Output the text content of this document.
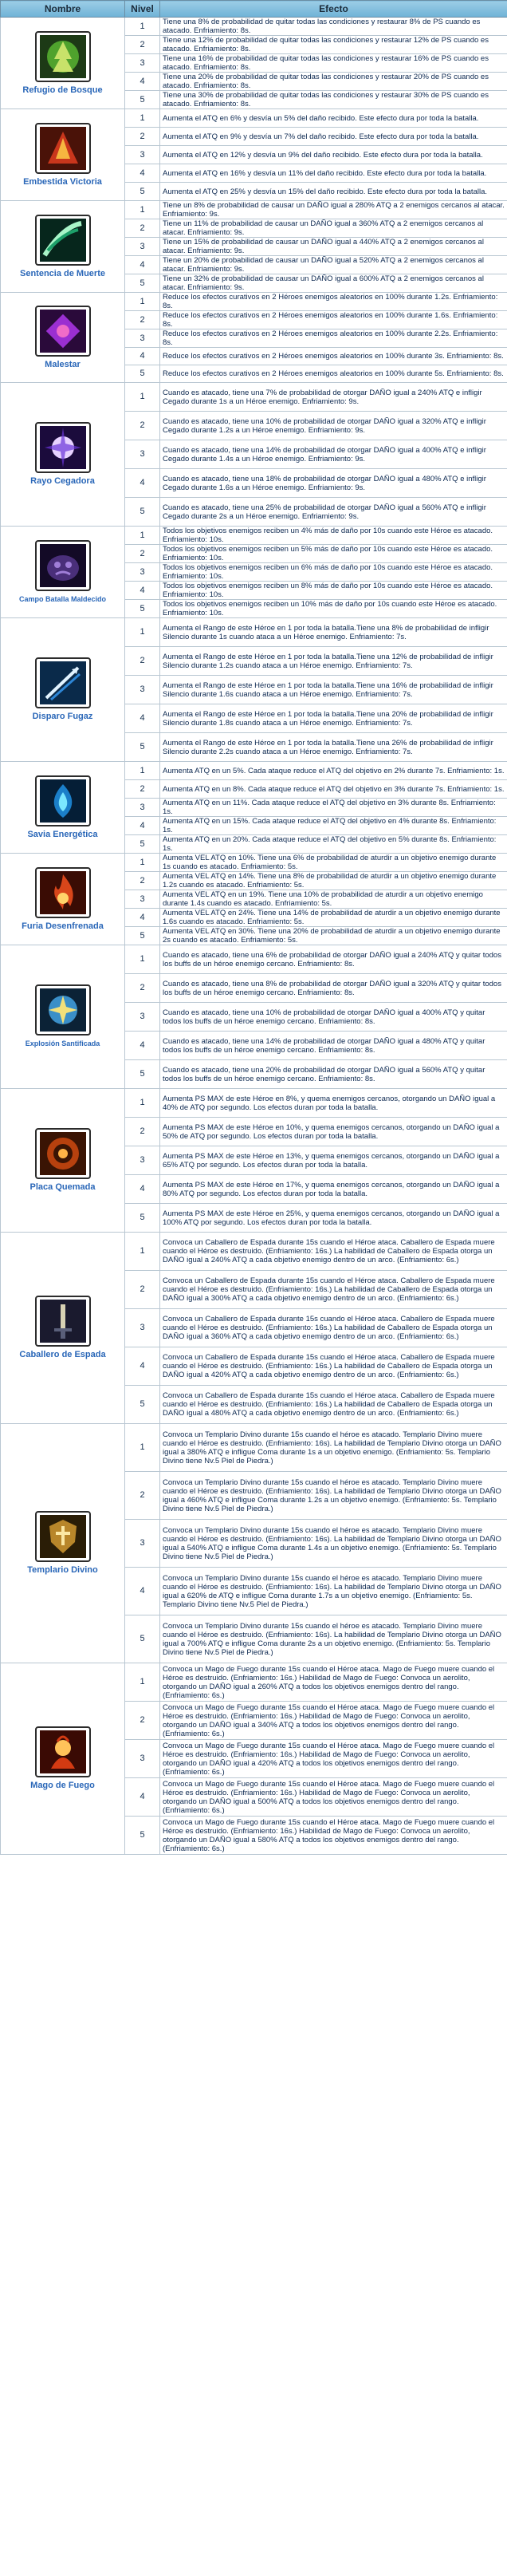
Nombre	Nivel	Efecto

Refugio de Bosque	1	Tiene una 8% de probabilidad de quitar todas las condiciones y restaurar 8% de PS cuando es atacado. Enfriamiento: 8s.
	2	Tiene una 12% de probabilidad de quitar todas las condiciones y restaurar 12% de PS cuando es atacado. Enfriamiento: 8s.
	3	Tiene una 16% de probabilidad de quitar todas las condiciones y restaurar 16% de PS cuando es atacado. Enfriamiento: 8s.
	4	Tiene una 20% de probabilidad de quitar todas las condiciones y restaurar 20% de PS cuando es atacado. Enfriamiento: 8s.
	5	Tiene una 30% de probabilidad de quitar todas las condiciones y restaurar 30% de PS cuando es atacado. Enfriamiento: 8s.

Embestida Victoria	1	Aumenta el ATQ en 6% y desvía un 5% del daño recibido. Este efecto dura por toda la batalla.
	2	Aumenta el ATQ en 9% y desvía un 7% del daño recibido. Este efecto dura por toda la batalla.
	3	Aumenta el ATQ en 12% y desvía un 9% del daño recibido. Este efecto dura por toda la batalla.
	4	Aumenta el ATQ en 16% y desvía un 11% del daño recibido. Este efecto dura por toda la batalla.
	5	Aumenta el ATQ en 25% y desvía un 15% del daño recibido. Este efecto dura por toda la batalla.

Sentencia de Muerte	1	Tiene un 8% de probabilidad de causar un DAÑO igual a 280% ATQ a 2 enemigos cercanos al atacar. Enfriamiento: 9s.
	2	Tiene un 11% de probabilidad de causar un DAÑO igual a 360% ATQ a 2 enemigos cercanos al atacar. Enfriamiento: 9s.
	3	Tiene un 15% de probabilidad de causar un DAÑO igual a 440% ATQ a 2 enemigos cercanos al atacar. Enfriamiento: 9s.
	4	Tiene un 20% de probabilidad de causar un DAÑO igual a 520% ATQ a 2 enemigos cercanos al atacar. Enfriamiento: 9s.
	5	Tiene un 32% de probabilidad de causar un DAÑO igual a 600% ATQ a 2 enemigos cercanos al atacar. Enfriamiento: 9s.

Malestar	1	Reduce los efectos curativos en 2 Héroes enemigos aleatorios en 100% durante 1.2s. Enfriamiento: 8s.
	2	Reduce los efectos curativos en 2 Héroes enemigos aleatorios en 100% durante 1.6s. Enfriamiento: 8s.
	3	Reduce los efectos curativos en 2 Héroes enemigos aleatorios en 100% durante 2.2s. Enfriamiento: 8s.
	4	Reduce los efectos curativos en 2 Héroes enemigos aleatorios en 100% durante 3s. Enfriamiento: 8s.
	5	Reduce los efectos curativos en 2 Héroes enemigos aleatorios en 100% durante 5s. Enfriamiento: 8s.

Rayo Cegadora	1	Cuando es atacado, tiene una 7% de probabilidad de otorgar DAÑO igual a 240% ATQ e infligir Cegado durante 1s a un Héroe enemigo. Enfriamiento: 9s.
	2	Cuando es atacado, tiene una 10% de probabilidad de otorgar DAÑO igual a 320% ATQ e infligir Cegado durante 1.2s a un Héroe enemigo. Enfriamiento: 9s.
	3	Cuando es atacado, tiene una 14% de probabilidad de otorgar DAÑO igual a 400% ATQ e infligir Cegado durante 1.4s a un Héroe enemigo. Enfriamiento: 9s.
	4	Cuando es atacado, tiene una 18% de probabilidad de otorgar DAÑO igual a 480% ATQ e infligir Cegado durante 1.6s a un Héroe enemigo. Enfriamiento: 9s.
	5	Cuando es atacado, tiene una 25% de probabilidad de otorgar DAÑO igual a 560% ATQ e infligir Cegado durante 2s a un Héroe enemigo. Enfriamiento: 9s.

Campo Batalla Maldecido	1	Todos los objetivos enemigos reciben un 4% más de daño por 10s cuando este Héroe es atacado. Enfriamiento: 10s.
	2	Todos los objetivos enemigos reciben un 5% más de daño por 10s cuando este Héroe es atacado. Enfriamiento: 10s.
	3	Todos los objetivos enemigos reciben un 6% más de daño por 10s cuando este Héroe es atacado. Enfriamiento: 10s.
	4	Todos los objetivos enemigos reciben un 8% más de daño por 10s cuando este Héroe es atacado. Enfriamiento: 10s.
	5	Todos los objetivos enemigos reciben un 10% más de daño por 10s cuando este Héroe es atacado. Enfriamiento: 10s.

Disparo Fugaz	1	Aumenta el Rango de este Héroe en 1 por toda la batalla.Tiene una 8% de probabilidad de infligir Silencio durante 1s cuando ataca a un Héroe enemigo. Enfriamiento: 7s.
	2	Aumenta el Rango de este Héroe en 1 por toda la batalla.Tiene una 12% de probabilidad de infligir Silencio durante 1.2s cuando ataca a un Héroe enemigo. Enfriamiento: 7s.
	3	Aumenta el Rango de este Héroe en 1 por toda la batalla.Tiene una 16% de probabilidad de infligir Silencio durante 1.6s cuando ataca a un Héroe enemigo. Enfriamiento: 7s.
	4	Aumenta el Rango de este Héroe en 1 por toda la batalla.Tiene una 20% de probabilidad de infligir Silencio durante 1.8s cuando ataca a un Héroe enemigo. Enfriamiento: 7s.
	5	Aumenta el Rango de este Héroe en 1 por toda la batalla.Tiene una 26% de probabilidad de infligir Silencio durante 2.2s cuando ataca a un Héroe enemigo. Enfriamiento: 7s.

Savia Energética	1	Aumenta ATQ en un 5%. Cada ataque reduce el ATQ del objetivo en 2% durante 7s. Enfriamiento: 1s.
	2	Aumenta ATQ en un 8%. Cada ataque reduce el ATQ del objetivo en 3% durante 7s. Enfriamiento: 1s.
	3	Aumenta ATQ en un 11%. Cada ataque reduce el ATQ del objetivo en 3% durante 8s. Enfriamiento: 1s.
	4	Aumenta ATQ en un 15%. Cada ataque reduce el ATQ del objetivo en 4% durante 8s. Enfriamiento: 1s.
	5	Aumenta ATQ en un 20%. Cada ataque reduce el ATQ del objetivo en 5% durante 8s. Enfriamiento: 1s.

Furia Desenfrenada	1	Aumenta VEL ATQ en 10%. Tiene una 6% de probabilidad de aturdir a un objetivo enemigo durante 1s cuando es atacado. Enfriamiento: 5s.
	2	Aumenta VEL ATQ en 14%. Tiene una 8% de probabilidad de aturdir a un objetivo enemigo durante 1.2s cuando es atacado. Enfriamiento: 5s.
	3	Aumenta VEL ATQ en un 19%. Tiene una 10% de probabilidad de aturdir a un objetivo enemigo durante 1.4s cuando es atacado. Enfriamiento: 5s.
	4	Aumenta VEL ATQ en 24%. Tiene una 14% de probabilidad de aturdir a un objetivo enemigo durante 1.6s cuando es atacado. Enfriamiento: 5s.
	5	Aumenta VEL ATQ en 30%. Tiene una 20% de probabilidad de aturdir a un objetivo enemigo durante 2s cuando es atacado. Enfriamiento: 5s.

Explosión Santificada	1	Cuando es atacado, tiene una 6% de probabilidad de otorgar DAÑO igual a 240% ATQ y quitar todos los buffs de un héroe enemigo cercano. Enfriamiento: 8s.
	2	Cuando es atacado, tiene una 8% de probabilidad de otorgar DAÑO igual a 320% ATQ y quitar todos los buffs de un héroe enemigo cercano. Enfriamiento: 8s.
	3	Cuando es atacado, tiene una 10% de probabilidad de otorgar DAÑO igual a 400% ATQ y quitar todos los buffs de un héroe enemigo cercano. Enfriamiento: 8s.
	4	Cuando es atacado, tiene una 14% de probabilidad de otorgar DAÑO igual a 480% ATQ y quitar todos los buffs de un héroe enemigo cercano. Enfriamiento: 8s.
	5	Cuando es atacado, tiene una 20% de probabilidad de otorgar DAÑO igual a 560% ATQ y quitar todos los buffs de un héroe enemigo cercano. Enfriamiento: 8s.

Placa Quemada	1	Aumenta PS MAX de este Héroe en 8%, y quema enemigos cercanos, otorgando un DAÑO igual a 40% de ATQ por segundo. Los efectos duran por toda la batalla.
	2	Aumenta PS MAX de este Héroe en 10%, y quema enemigos cercanos, otorgando un DAÑO igual a 50% de ATQ por segundo. Los efectos duran por toda la batalla.
	3	Aumenta PS MAX de este Héroe en 13%, y quema enemigos cercanos, otorgando un DAÑO igual a 65% ATQ por segundo. Los efectos duran por toda la batalla.
	4	Aumenta PS MAX de este Héroe en 17%, y quema enemigos cercanos, otorgando un DAÑO igual a 80% ATQ por segundo. Los efectos duran por toda la batalla.
	5	Aumenta PS MAX de este Héroe en 25%, y quema enemigos cercanos, otorgando un DAÑO igual a 100% ATQ por segundo. Los efectos duran por toda la batalla.

Caballero de Espada	1	Convoca un Caballero de Espada durante 15s cuando el Héroe ataca. Caballero de Espada muere cuando el Héroe es destruido. (Enfriamiento: 16s.) La habilidad de Caballero de Espada otorga un DAÑO igual a 240% ATQ a cada objetivo enemigo dentro de un arco. (Enfriamiento: 6s.)
	2	Convoca un Caballero de Espada durante 15s cuando el Héroe ataca. Caballero de Espada muere cuando el Héroe es destruido. (Enfriamiento: 16s.) La habilidad de Caballero de Espada otorga un DAÑO igual a 300% ATQ a cada objetivo enemigo dentro de un arco. (Enfriamiento: 6s.)
	3	Convoca un Caballero de Espada durante 15s cuando el Héroe ataca. Caballero de Espada muere cuando el Héroe es destruido. (Enfriamiento: 16s.) La habilidad de Caballero de Espada otorga un DAÑO igual a 360% ATQ a cada objetivo enemigo dentro de un arco. (Enfriamiento: 6s.)
	4	Convoca un Caballero de Espada durante 15s cuando el Héroe ataca. Caballero de Espada muere cuando el Héroe es destruido. (Enfriamiento: 16s.) La habilidad de Caballero de Espada otorga un DAÑO igual a 420% ATQ a cada objetivo enemigo dentro de un arco. (Enfriamiento: 6s.)
	5	Convoca un Caballero de Espada durante 15s cuando el Héroe ataca. Caballero de Espada muere cuando el Héroe es destruido. (Enfriamiento: 16s.) La habilidad de Caballero de Espada otorga un DAÑO igual a 480% ATQ a cada objetivo enemigo dentro de un arco. (Enfriamiento: 6s.)

Templario Divino	1	Convoca un Templario Divino durante 15s cuando el héroe es atacado. Templario Divino muere cuando el Héroe es destruido. (Enfriamiento: 16s). La habilidad de Templario Divino otorga un DAÑO igual a 380% ATQ e infligue Coma durante 1s a un objetivo enemigo. (Enfriamiento: 5s. Templario Divino tiene Nv.5 Piel de Piedra.)
	2	Convoca un Templario Divino durante 15s cuando el héroe es atacado. Templario Divino muere cuando el Héroe es destruido. (Enfriamiento: 16s). La habilidad de Templario Divino otorga un DAÑO igual a 460% ATQ e infligue Coma durante 1.2s a un objetivo enemigo. (Enfriamiento: 5s. Templario Divino tiene Nv.5 Piel de Piedra.)
	3	Convoca un Templario Divino durante 15s cuando el héroe es atacado. Templario Divino muere cuando el Héroe es destruido. (Enfriamiento: 16s). La habilidad de Templario Divino otorga un DAÑO igual a 540% ATQ e infligue Coma durante 1.4s a un objetivo enemigo. (Enfriamiento: 5s. Templario Divino tiene Nv.5 Piel de Piedra.)
	4	Convoca un Templario Divino durante 15s cuando el héroe es atacado. Templario Divino muere cuando el Héroe es destruido. (Enfriamiento: 16s). La habilidad de Templario Divino otorga un DAÑO igual a 620% de ATQ e infligue Coma durante 1.7s a un objetivo enemigo. (Enfriamiento: 5s. Templario Divino tiene Nv.5 Piel de Piedra.)
	5	Convoca un Templario Divino durante 15s cuando el héroe es atacado. Templario Divino muere cuando el Héroe es destruido. (Enfriamiento: 16s). La habilidad de Templario Divino otorga un DAÑO igual a 700% ATQ e infligue Coma durante 2s a un objetivo enemigo. (Enfriamiento: 5s. Templario Divino tiene Nv.5 Piel de Piedra.)

Mago de Fuego	1	Convoca un Mago de Fuego durante 15s cuando el Héroe ataca. Mago de Fuego muere cuando el Héroe es destruido. (Enfriamiento: 16s.) Habilidad de Mago de Fuego: Convoca un aerolito, otorgando un DAÑO igual a 260% ATQ a todos los objetivos enemigos dentro del rango. (Enfriamiento: 6s.)
	2	Convoca un Mago de Fuego durante 15s cuando el Héroe ataca. Mago de Fuego muere cuando el Héroe es destruido. (Enfriamiento: 16s.) Habilidad de Mago de Fuego: Convoca un aerolito, otorgando un DAÑO igual a 340% ATQ a todos los objetivos enemigos dentro del rango. (Enfriamiento: 6s.)
	3	Convoca un Mago de Fuego durante 15s cuando el Héroe ataca. Mago de Fuego muere cuando el Héroe es destruido. (Enfriamiento: 16s.) Habilidad de Mago de Fuego: Convoca un aerolito, otorgando un DAÑO igual a 420% ATQ a todos los objetivos enemigos dentro del rango. (Enfriamiento: 6s.)
	4	Convoca un Mago de Fuego durante 15s cuando el Héroe ataca. Mago de Fuego muere cuando el Héroe es destruido. (Enfriamiento: 16s.) Habilidad de Mago de Fuego: Convoca un aerolito, otorgando un DAÑO igual a 500% ATQ a todos los objetivos enemigos dentro del rango. (Enfriamiento: 6s.)
	5	Convoca un Mago de Fuego durante 15s cuando el Héroe ataca. Mago de Fuego muere cuando el Héroe es destruido. (Enfriamiento: 16s.) Habilidad de Mago de Fuego: Convoca un aerolito, otorgando un DAÑO igual a 580% ATQ a todos los objetivos enemigos dentro del rango. (Enfriamiento: 6s.)
